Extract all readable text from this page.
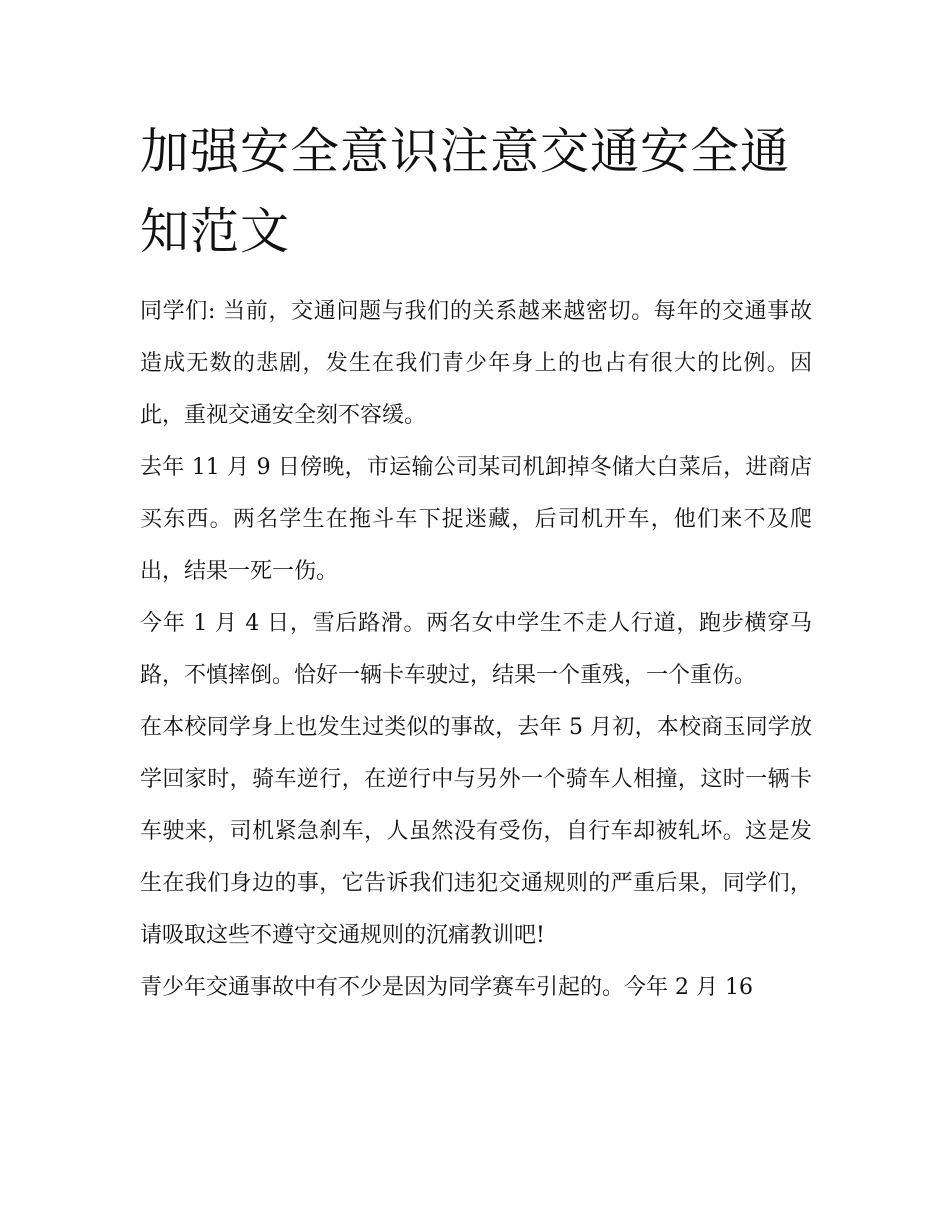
加强安全意识注意交通安全通知范文

同学们: 当前，交通问题与我们的关系越来越密切。每年的交通事故造成无数的悲剧，发生在我们青少年身上的也占有很大的比例。因此，重视交通安全刻不容缓。

去年 11 月 9 日傍晚，市运输公司某司机卸掉冬储大白菜后，进商店买东西。两名学生在拖斗车下捉迷藏，后司机开车，他们来不及爬出，结果一死一伤。

今年 1 月 4 日，雪后路滑。两名女中学生不走人行道，跑步横穿马路，不慎摔倒。恰好一辆卡车驶过，结果一个重残，一个重伤。

在本校同学身上也发生过类似的事故，去年 5 月初，本校商玉同学放学回家时，骑车逆行，在逆行中与另外一个骑车人相撞，这时一辆卡车驶来，司机紧急刹车，人虽然没有受伤，自行车却被轧坏。这是发生在我们身边的事，它告诉我们违犯交通规则的严重后果，同学们，请吸取这些不遵守交通规则的沉痛教训吧!

青少年交通事故中有不少是因为同学赛车引起的。今年 2 月 16
